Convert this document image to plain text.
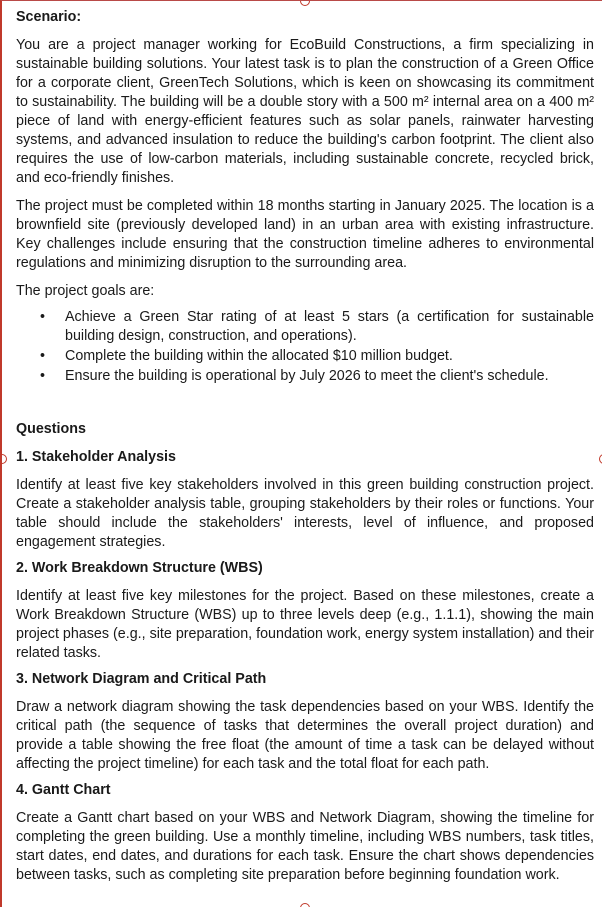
Scenario:

You are a project manager working for EcoBuild Constructions, a firm specializing in sustainable building solutions. Your latest task is to plan the construction of a Green Office for a corporate client, GreenTech Solutions, which is keen on showcasing its commitment to sustainability. The building will be a double story with a 500 m² internal area on a 400 m² piece of land with energy-efficient features such as solar panels, rainwater harvesting systems, and advanced insulation to reduce the building's carbon footprint. The client also requires the use of low-carbon materials, including sustainable concrete, recycled brick, and eco-friendly finishes.

The project must be completed within 18 months starting in January 2025. The location is a brownfield site (previously developed land) in an urban area with existing infrastructure. Key challenges include ensuring that the construction timeline adheres to environmental regulations and minimizing disruption to the surrounding area.

The project goals are:

• Achieve a Green Star rating of at least 5 stars (a certification for sustainable building design, construction, and operations).
• Complete the building within the allocated $10 million budget.
• Ensure the building is operational by July 2026 to meet the client's schedule.
Questions
1. Stakeholder Analysis

Identify at least five key stakeholders involved in this green building construction project. Create a stakeholder analysis table, grouping stakeholders by their roles or functions. Your table should include the stakeholders' interests, level of influence, and proposed engagement strategies.

2. Work Breakdown Structure (WBS)

Identify at least five key milestones for the project. Based on these milestones, create a Work Breakdown Structure (WBS) up to three levels deep (e.g., 1.1.1), showing the main project phases (e.g., site preparation, foundation work, energy system installation) and their related tasks.

3. Network Diagram and Critical Path

Draw a network diagram showing the task dependencies based on your WBS. Identify the critical path (the sequence of tasks that determines the overall project duration) and provide a table showing the free float (the amount of time a task can be delayed without affecting the project timeline) for each task and the total float for each path.

4. Gantt Chart

Create a Gantt chart based on your WBS and Network Diagram, showing the timeline for completing the green building. Use a monthly timeline, including WBS numbers, task titles, start dates, end dates, and durations for each task. Ensure the chart shows dependencies between tasks, such as completing site preparation before beginning foundation work.
